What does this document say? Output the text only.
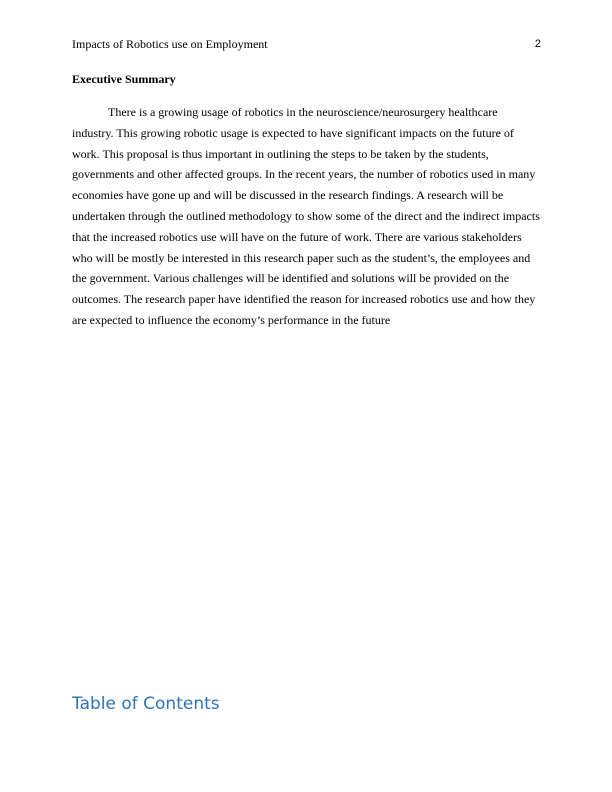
Impacts of Robotics use on Employment	2
Executive Summary

There is a growing usage of robotics in the neuroscience/neurosurgery healthcare industry. This growing robotic usage is expected to have significant impacts on the future of work. This proposal is thus important in outlining the steps to be taken by the students, governments and other affected groups. In the recent years, the number of robotics used in many economies have gone up and will be discussed in the research findings. A research will be undertaken through the outlined methodology to show some of the direct and the indirect impacts that the increased robotics use will have on the future of work. There are various stakeholders who will be mostly be interested in this research paper such as the student’s, the employees and the government. Various challenges will be identified and solutions will be provided on the outcomes. The research paper have identified the reason for increased robotics use and how they are expected to influence the economy’s performance in the future

Table of Contents
